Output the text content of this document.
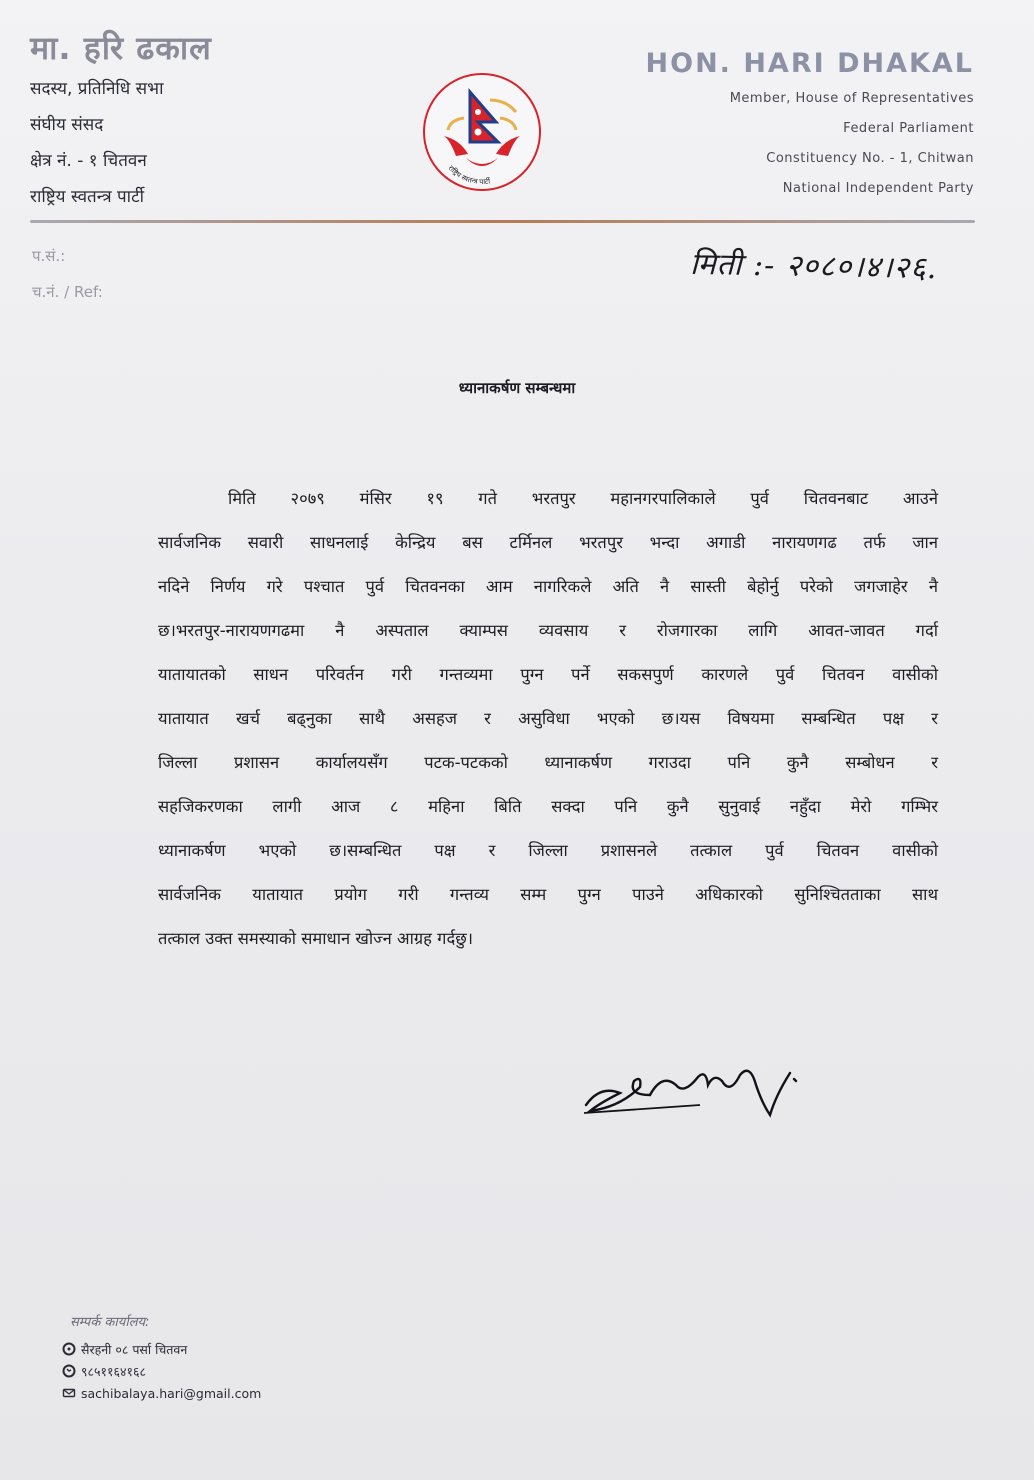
मा. हरि ढकाल
सदस्य, प्रतिनिधि सभा
संघीय संसद
क्षेत्र नं. - १ चितवन
राष्ट्रिय स्वतन्त्र पार्टी
राष्ट्रिय स्वतन्त्र पार्टी
HON. HARI DHAKAL
Member, House of Representatives
Federal Parliament
Constituency No. - 1, Chitwan
National Independent Party
प.सं.:
च.नं. / Ref:
मिती :- २०८०।४।२६.
ध्यानाकर्षण सम्बन्धमा
मिति २०७९ मंसिर १९ गते भरतपुर महानगरपालिकाले पुर्व चितवनबाट आउने
सार्वजनिक सवारी साधनलाई केन्द्रिय बस टर्मिनल भरतपुर भन्दा अगाडी नारायणगढ तर्फ जान
नदिने निर्णय गरे पश्चात पुर्व चितवनका आम नागरिकले अति नै सास्ती बेहोर्नु परेको जगजाहेर नै
छ।भरतपुर-नारायणगढमा नै अस्पताल क्याम्पस व्यवसाय र रोजगारका लागि आवत-जावत गर्दा
यातायातको साधन परिवर्तन गरी गन्तव्यमा पुग्न पर्ने सकसपुर्ण कारणले पुर्व चितवन वासीको
यातायात खर्च बढ्नुका साथै असहज र असुविधा भएको छ।यस विषयमा सम्बन्धित पक्ष र
जिल्ला प्रशासन कार्यालयसँग पटक-पटकको ध्यानाकर्षण गराउदा पनि कुनै सम्बोधन र
सहजिकरणका लागी आज ८ महिना बिति सक्दा पनि कुनै सुनुवाई नहुँदा मेरो गम्भिर
ध्यानाकर्षण भएको छ।सम्बन्धित पक्ष र जिल्ला प्रशासनले तत्काल पुर्व चितवन वासीको
सार्वजनिक यातायात प्रयोग गरी गन्तव्य सम्म पुग्न पाउने अधिकारको सुनिश्चितताका साथ
तत्काल उक्त समस्याको समाधान खोज्न आग्रह गर्दछु।
सम्पर्क कार्यालय:
सैरहनी ०८ पर्सा चितवन
९८५११६४१६८
sachibalaya.hari@gmail.com
